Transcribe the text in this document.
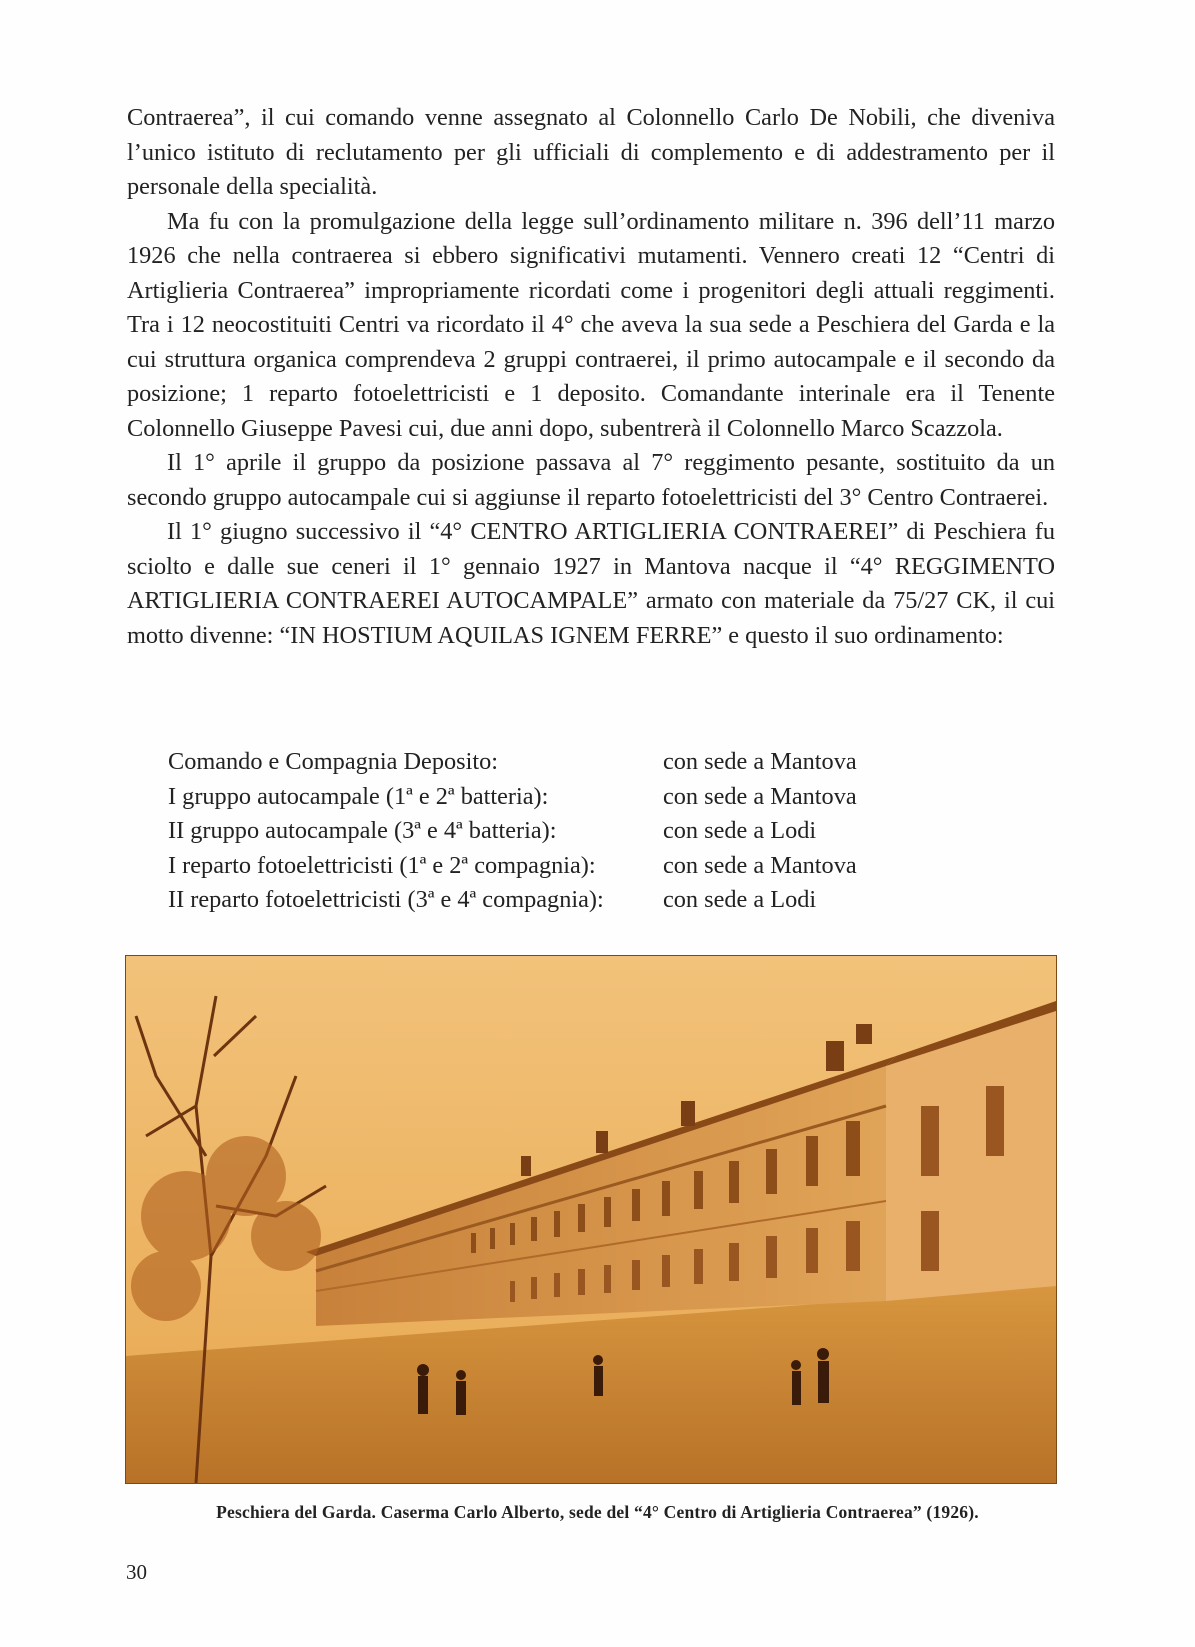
Contraerea”, il cui comando venne assegnato al Colonnello Carlo De Nobili, che diveniva l’unico istituto di reclutamento per gli ufficiali di complemento e di addestramento per il personale della specialità.

Ma fu con la promulgazione della legge sull’ordinamento militare n. 396 dell’11 marzo 1926 che nella contraerea si ebbero significativi mutamenti. Vennero creati 12 “Centri di Artiglieria Contraerea” impropriamente ricordati come i progenitori degli attuali reggimenti. Tra i 12 neocostituiti Centri va ricordato il 4° che aveva la sua sede a Peschiera del Garda e la cui struttura organica comprendeva 2 gruppi contraerei, il primo autocampale e il secondo da posizione; 1 reparto fotoelettricisti e 1 deposito. Comandante interinale era il Tenente Colonnello Giuseppe Pavesi cui, due anni dopo, subentrerà il Colonnello Marco Scazzola.

Il 1° aprile il gruppo da posizione passava al 7° reggimento pesante, sostituito da un secondo gruppo autocampale cui si aggiunse il reparto fotoelettricisti del 3° Centro Contraerei.

Il 1° giugno successivo il “4° CENTRO ARTIGLIERIA CONTRAEREI” di Peschiera fu sciolto e dalle sue ceneri il 1° gennaio 1927 in Mantova nacque il “4° REGGIMENTO ARTIGLIERIA CONTRAEREI AUTOCAMPALE” armato con materiale da 75/27 CK, il cui motto divenne: “IN HOSTIUM AQUILAS IGNEM FERRE” e questo il suo ordinamento:

Comando e Compagnia Deposito:	con sede a Mantova
I gruppo autocampale (1ª e 2ª batteria):	con sede a Mantova
II gruppo autocampale (3ª e 4ª batteria):	con sede a Lodi
I reparto fotoelettricisti (1ª e 2ª compagnia):	con sede a Mantova
II reparto fotoelettricisti (3ª e 4ª compagnia): con sede a Lodi
Peschiera del Garda. Caserma Carlo Alberto, sede del “4° Centro di Artiglieria Contraerea” (1926).
30
